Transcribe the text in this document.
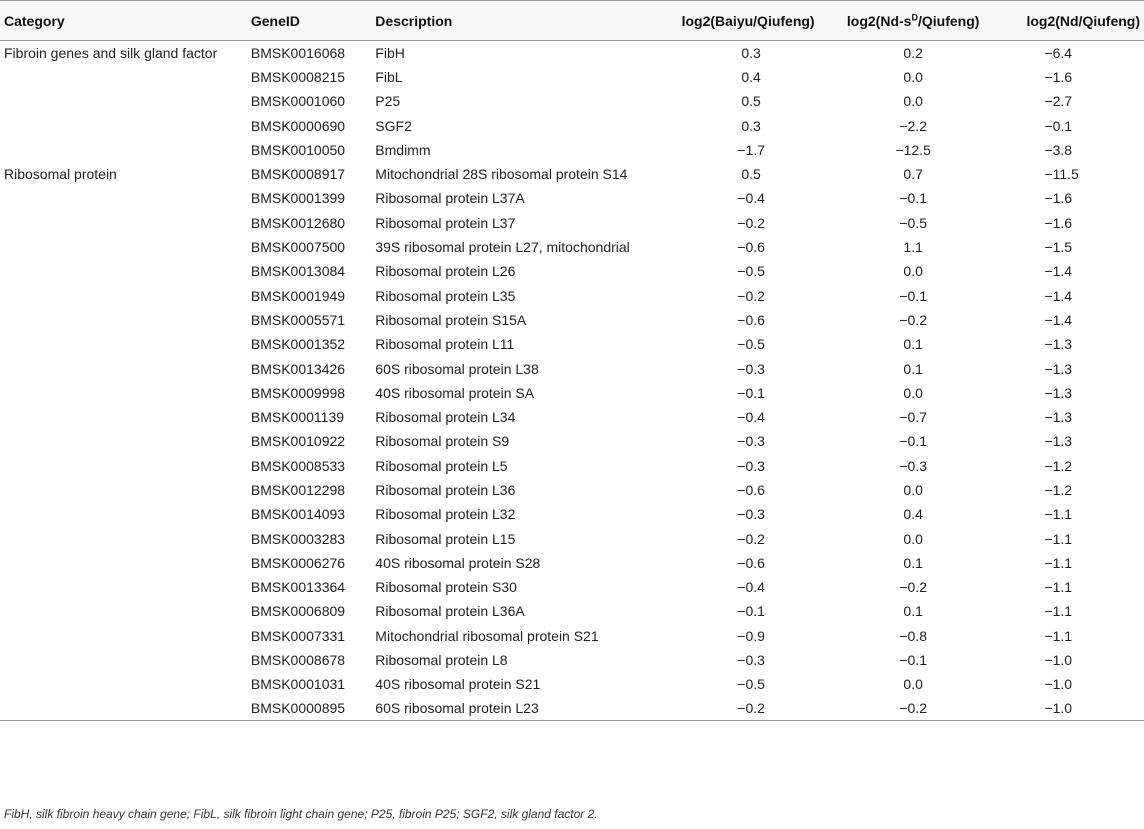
Category	GeneID	Description	log2(Baiyu/Qiufeng)	$\log 2(Nd-s^D/Qiufeng)$	log2(Nd/Qiufeng)
Fibroin genes and silk gland factor	BMSK0016068	FibH	0.3	0.2	−6.4
	BMSK0008215	FibL	0.4	0.0	−1.6
	BMSK0001060	P25	0.5	0.0	−2.7
	BMSK0000690	SGF2	0.3	−2.2	−0.1
	BMSK0010050	Bmdimm	−1.7	−12.5	−3.8
Ribosomal protein	BMSK0008917	Mitochondrial 28S ribosomal protein S14	0.5	0.7	−11.5
	BMSK0001399	Ribosomal protein L37A	−0.4	−0.1	−1.6
	BMSK0012680	Ribosomal protein L37	−0.2	−0.5	−1.6
	BMSK0007500	39S ribosomal protein L27, mitochondrial	−0.6	1.1	−1.5
	BMSK0013084	Ribosomal protein L26	−0.5	0.0	−1.4
	BMSK0001949	Ribosomal protein L35	−0.2	−0.1	−1.4
	BMSK0005571	Ribosomal protein S15A	−0.6	−0.2	−1.4
	BMSK0001352	Ribosomal protein L11	−0.5	0.1	−1.3
	BMSK0013426	60S ribosomal protein L38	−0.3	0.1	−1.3
	BMSK0009998	40S ribosomal protein SA	−0.1	0.0	−1.3
	BMSK0001139	Ribosomal protein L34	−0.4	−0.7	−1.3
	BMSK0010922	Ribosomal protein S9	−0.3	−0.1	−1.3
	BMSK0008533	Ribosomal protein L5	−0.3	−0.3	−1.2
	BMSK0012298	Ribosomal protein L36	−0.6	0.0	−1.2
	BMSK0014093	Ribosomal protein L32	−0.3	0.4	−1.1
	BMSK0003283	Ribosomal protein L15	−0.2	0.0	−1.1
	BMSK0006276	40S ribosomal protein S28	−0.6	0.1	−1.1
	BMSK0013364	Ribosomal protein S30	−0.4	−0.2	−1.1
	BMSK0006809	Ribosomal protein L36A	−0.1	0.1	−1.1
	BMSK0007331	Mitochondrial ribosomal protein S21	−0.9	−0.8	−1.1
	BMSK0008678	Ribosomal protein L8	−0.3	−0.1	−1.0
	BMSK0001031	40S ribosomal protein S21	−0.5	0.0	−1.0
	BMSK0000895	60S ribosomal protein L23	−0.2	−0.2	−1.0
FibH, silk fibroin heavy chain gene; FibL, silk fibroin light chain gene; P25, fibroin P25; SGF2, silk gland factor 2.
